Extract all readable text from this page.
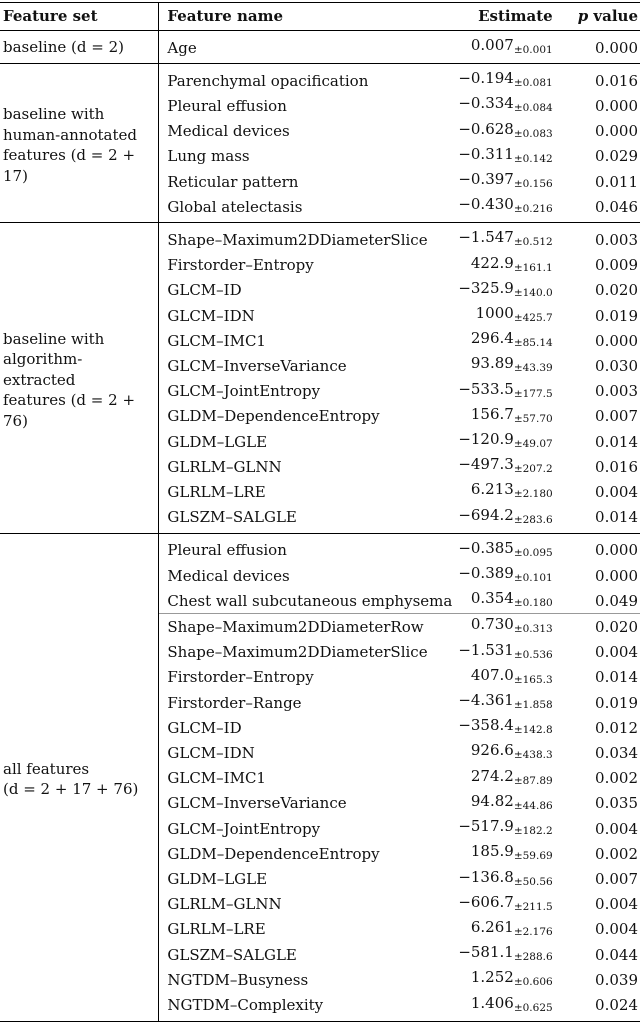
Feature set	Feature name	Estimate	p value

baseline (d = 2)	Age	$0.007_{\pm 0.001}$	0.000

baseline with
human-annotated
features (d = 2 + 17)	Parenchymal opacification	$-0.194_{\pm 0.081}$	0.016
	Pleural effusion	$-0.334_{\pm 0.084}$	0.000
	Medical devices	$-0.628_{\pm 0.083}$	0.000
	Lung mass	$-0.311_{\pm 0.142}$	0.029
	Reticular pattern	$-0.397_{\pm 0.156}$	0.011
	Global atelectasis	$-0.430_{\pm 0.216}$	0.046

baseline with
algorithm-extracted
features (d = 2 + 76)	Shape–Maximum2DDiameterSlice	$-1.547_{\pm 0.512}$	0.003
	Firstorder–Entropy	$422.9_{\pm 161.1}$	0.009
	GLCM–ID	$-325.9_{\pm 140.0}$	0.020
	GLCM–IDN	$1000_{\pm 425.7}$	0.019
	GLCM–IMC1	$296.4_{\pm 85.14}$	0.000
	GLCM–InverseVariance	$93.89_{\pm 43.39}$	0.030
	GLCM–JointEntropy	$-533.5_{\pm 177.5}$	0.003
	GLDM–DependenceEntropy	$156.7_{\pm 57.70}$	0.007
	GLDM–LGLE	$-120.9_{\pm 49.07}$	0.014
	GLRLM–GLNN	$-497.3_{\pm 207.2}$	0.016
	GLRLM–LRE	$6.213_{\pm 2.180}$	0.004
	GLSZM–SALGLE	$-694.2_{\pm 283.6}$	0.014

all features
(d = 2 + 17 + 76)	Pleural effusion	$-0.385_{\pm 0.095}$	0.000
	Medical devices	$-0.389_{\pm 0.101}$	0.000
	Chest wall subcutaneous emphysema	$0.354_{\pm 0.180}$	0.049
	Shape–Maximum2DDiameterRow	$0.730_{\pm 0.313}$	0.020
	Shape–Maximum2DDiameterSlice	$-1.531_{\pm 0.536}$	0.004
	Firstorder–Entropy	$407.0_{\pm 165.3}$	0.014
	Firstorder–Range	$-4.361_{\pm 1.858}$	0.019
	GLCM–ID	$-358.4_{\pm 142.8}$	0.012
	GLCM–IDN	$926.6_{\pm 438.3}$	0.034
	GLCM–IMC1	$274.2_{\pm 87.89}$	0.002
	GLCM–InverseVariance	$94.82_{\pm 44.86}$	0.035
	GLCM–JointEntropy	$-517.9_{\pm 182.2}$	0.004
	GLDM–DependenceEntropy	$185.9_{\pm 59.69}$	0.002
	GLDM–LGLE	$-136.8_{\pm 50.56}$	0.007
	GLRLM–GLNN	$-606.7_{\pm 211.5}$	0.004
	GLRLM–LRE	$6.261_{\pm 2.176}$	0.004
	GLSZM–SALGLE	$-581.1_{\pm 288.6}$	0.044
	NGTDM–Busyness	$1.252_{\pm 0.606}$	0.039
	NGTDM–Complexity	$1.406_{\pm 0.625}$	0.024
